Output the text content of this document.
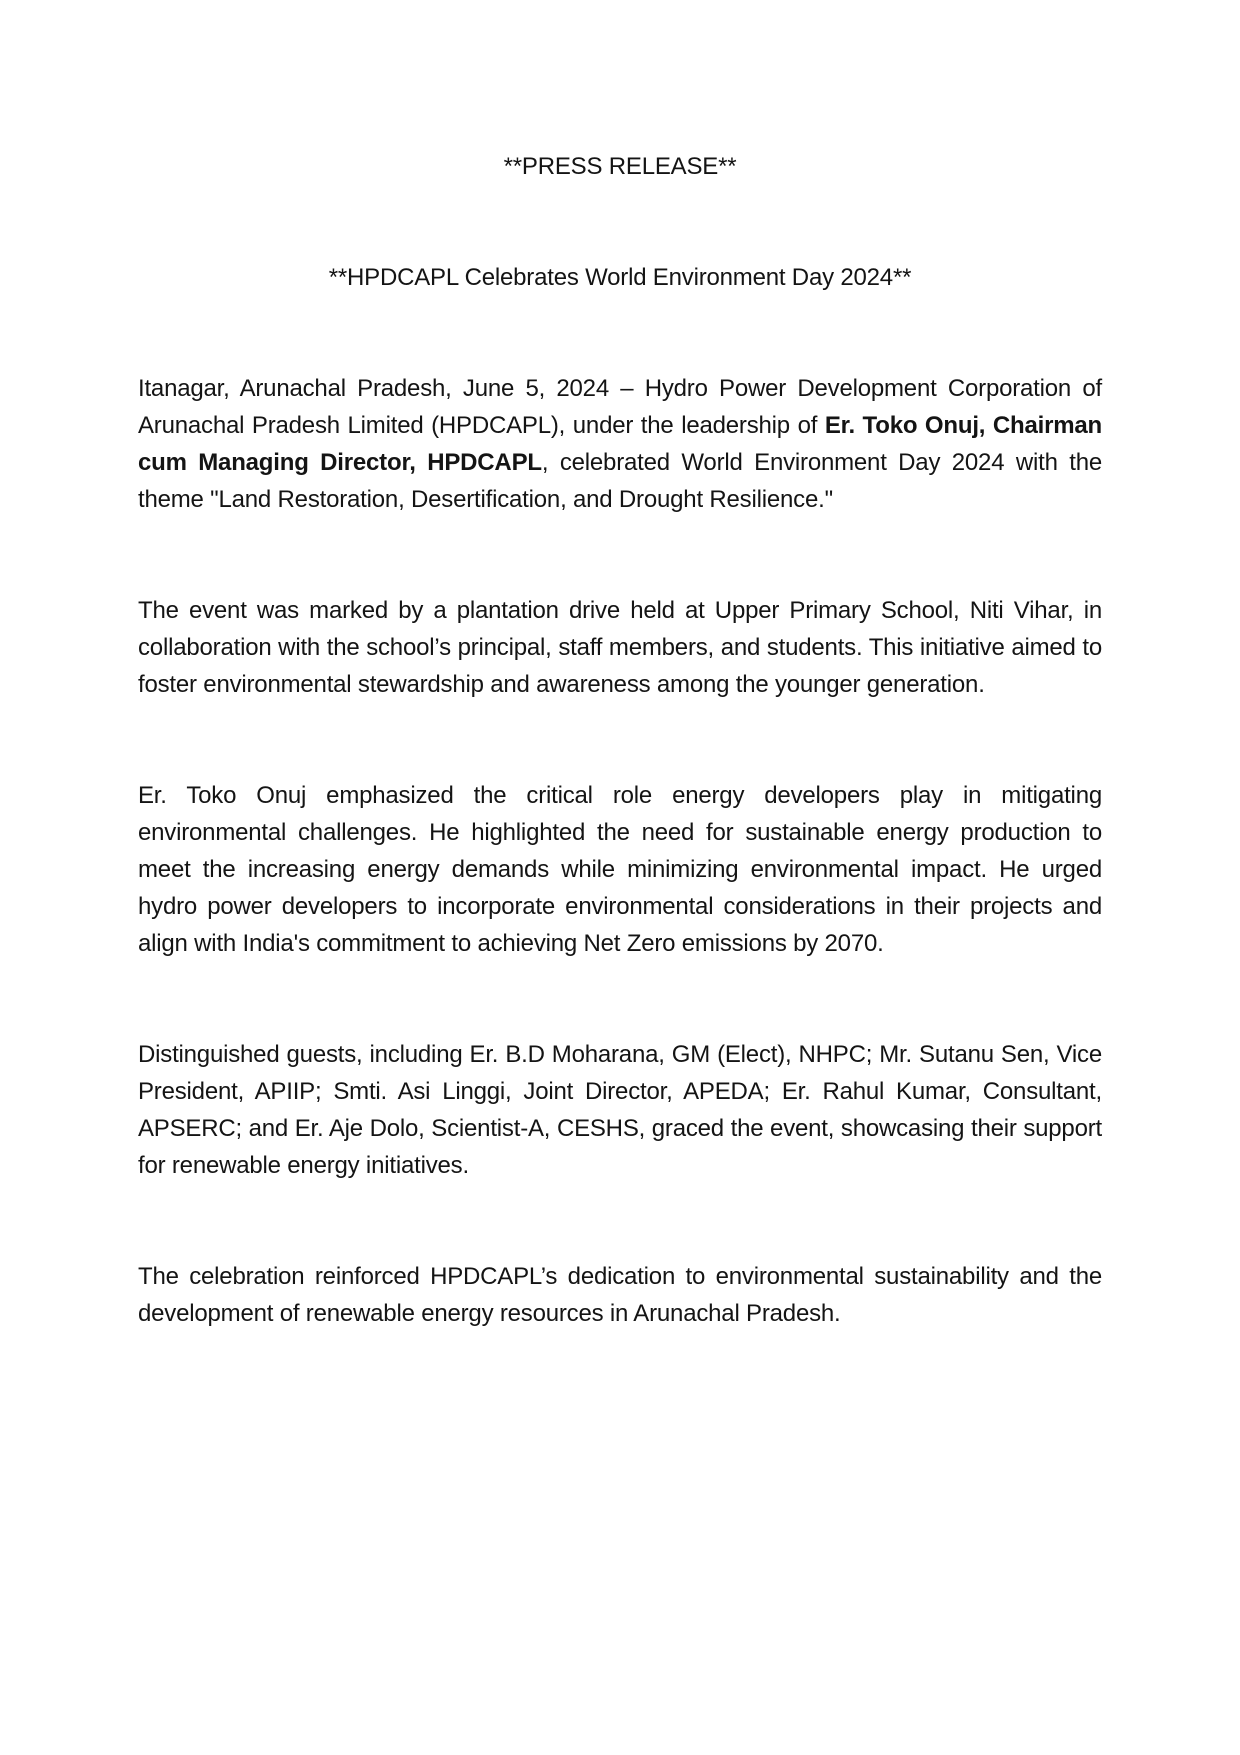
**PRESS RELEASE**

**HPDCAPL Celebrates World Environment Day 2024**

Itanagar, Arunachal Pradesh, June 5, 2024 – Hydro Power Development Corporation of Arunachal Pradesh Limited (HPDCAPL), under the leadership of Er. Toko Onuj, Chairman cum Managing Director, HPDCAPL, celebrated World Environment Day 2024 with the theme "Land Restoration, Desertification, and Drought Resilience."

The event was marked by a plantation drive held at Upper Primary School, Niti Vihar, in collaboration with the school’s principal, staff members, and students. This initiative aimed to foster environmental stewardship and awareness among the younger generation.

Er. Toko Onuj emphasized the critical role energy developers play in mitigating environmental challenges. He highlighted the need for sustainable energy production to meet the increasing energy demands while minimizing environmental impact. He urged hydro power developers to incorporate environmental considerations in their projects and align with India's commitment to achieving Net Zero emissions by 2070.

Distinguished guests, including Er. B.D Moharana, GM (Elect), NHPC; Mr. Sutanu Sen, Vice President, APIIP; Smti. Asi Linggi, Joint Director, APEDA; Er. Rahul Kumar, Consultant, APSERC; and Er. Aje Dolo, Scientist-A, CESHS, graced the event, showcasing their support for renewable energy initiatives.

The celebration reinforced HPDCAPL’s dedication to environmental sustainability and the development of renewable energy resources in Arunachal Pradesh.
